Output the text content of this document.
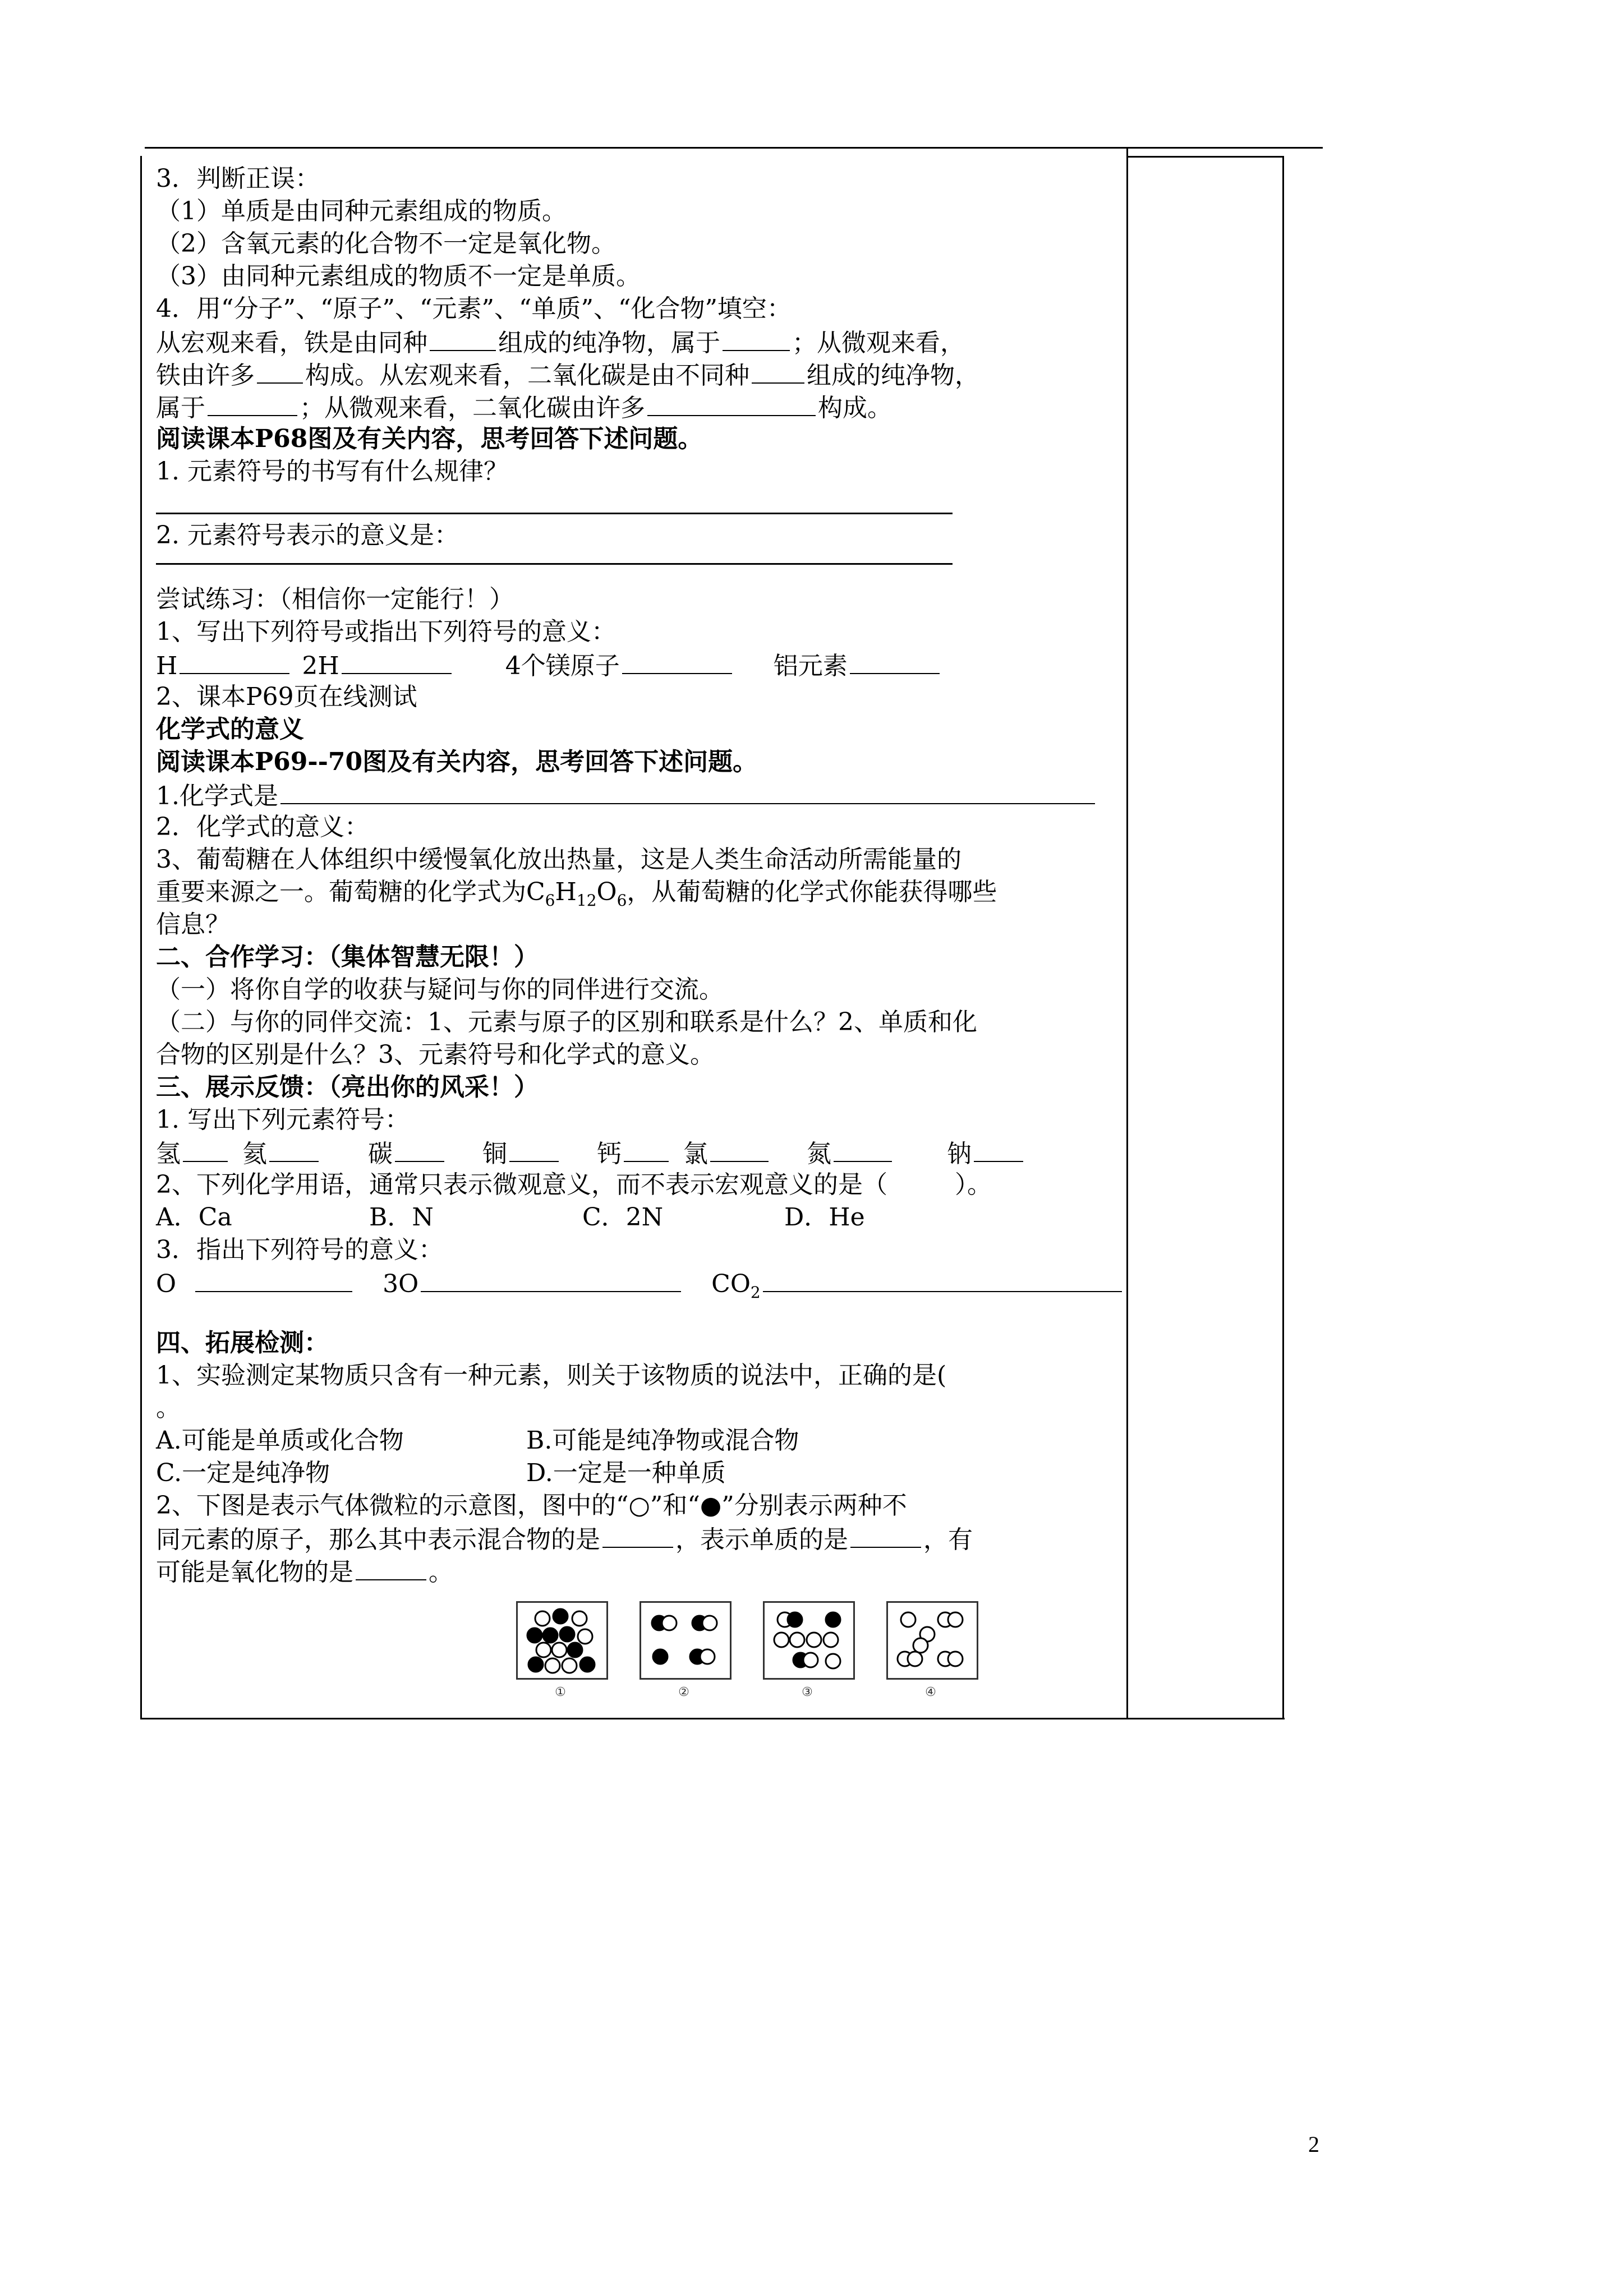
3．判断正误：
（1）单质是由同种元素组成的物质。
（2）含氧元素的化合物不一定是氧化物。
（3）由同种元素组成的物质不一定是单质。
4．用“分子”、“原子”、“元素”、“单质”、“化合物”填空：
从宏观来看，铁是由同种	组成的纯净物，属于	；从微观来看，
铁由许多 构成。从宏观来看，二氧化碳是由不同种 组成的纯净物，
属于	；从微观来看，二氧化碳由许多	构成。
阅读课本P68图及有关内容，思考回答下述问题。
1. 元素符号的书写有什么规律？
2. 元素符号表示的意义是：
尝试练习：（相信你一定能行！）
1、写出下列符号或指出下列符号的意义：
H	2H	4个镁原子	铝元素
2、课本P69页在线测试
化学式的意义
阅读课本P69--70图及有关内容，思考回答下述问题。
1.化学式是
2．化学式的意义：
3、葡萄糖在人体组织中缓慢氧化放出热量，这是人类生命活动所需能量的
重要来源之一。葡萄糖的化学式为$C_6H_{12}O_6$，从葡萄糖的化学式你能获得哪些
信息？
二、合作学习：（集体智慧无限！）
（一）将你自学的收获与疑问与你的同伴进行交流。
（二）与你的同伴交流：1、元素与原子的区别和联系是什么？2、单质和化
合物的区别是什么？3、元素符号和化学式的意义。
三、展示反馈：（亮出你的风采！）
1. 写出下列元素符号：
氢	氦	碳	铜	钙	氯	氮	钠
2、下列化学用语，通常只表示微观意义，而不表示宏观意义的是（	）。
A．Ca	B．N	C．2N	D．He
3．指出下列符号的意义：
O	3O	$CO_2$
四、拓展检测：
1、实验测定某物质只含有一种元素，则关于该物质的说法中，正确的是(
。
A.可能是单质或化合物	B.可能是纯净物或混合物
C.一定是纯净物	D.一定是一种单质
2、下图是表示气体微粒的示意图，图中的“○”和“●”分别表示两种不
同元素的原子，那么其中表示混合物的是	，表示单质的是	，有
可能是氧化物的是	。
①	②	③	④
2
